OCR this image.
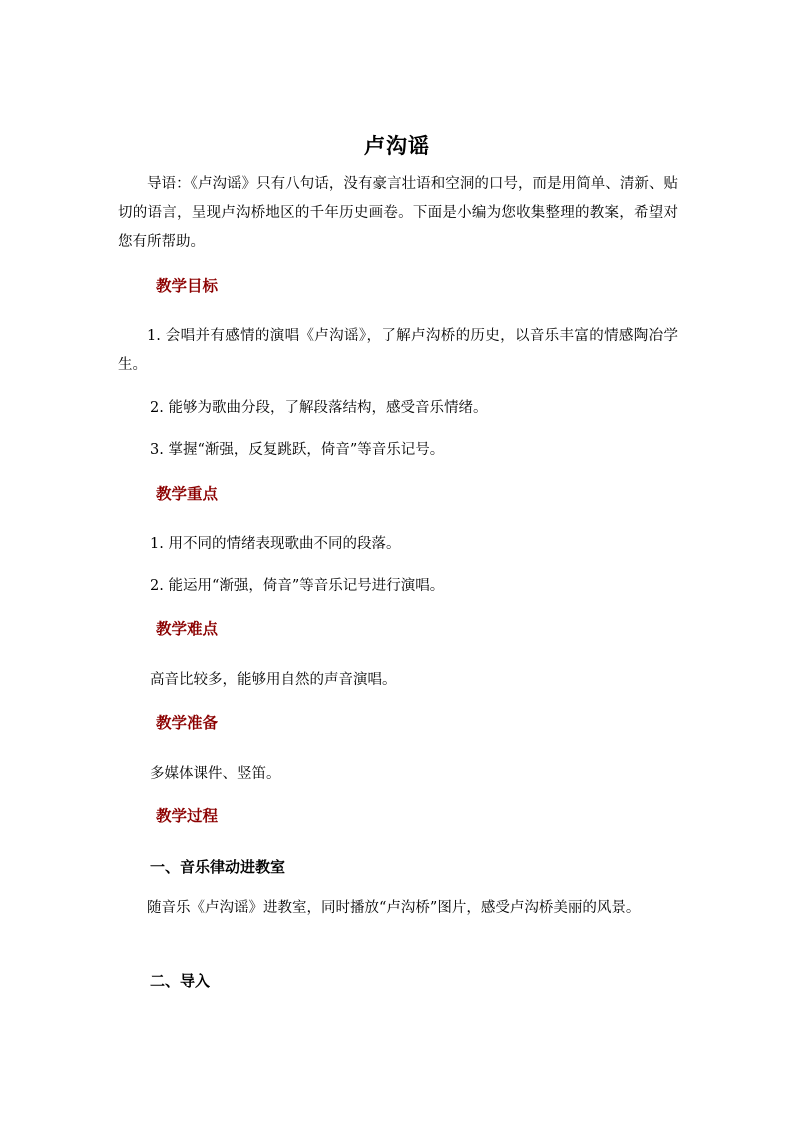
卢沟谣

导语：《卢沟谣》只有八句话，没有豪言壮语和空洞的口号，而是用简单、清新、贴切的语言，呈现卢沟桥地区的千年历史画卷。下面是小编为您收集整理的教案，希望对您有所帮助。

教学目标

1. 会唱并有感情的演唱《卢沟谣》，了解卢沟桥的历史，以音乐丰富的情感陶冶学生。

2. 能够为歌曲分段，了解段落结构，感受音乐情绪。

3. 掌握“渐强，反复跳跃，倚音”等音乐记号。

教学重点

1. 用不同的情绪表现歌曲不同的段落。

2. 能运用“渐强，倚音”等音乐记号进行演唱。

教学难点

高音比较多，能够用自然的声音演唱。

教学准备

多媒体课件、竖笛。

教学过程
一、音乐律动进教室

随音乐《卢沟谣》进教室，同时播放“卢沟桥”图片，感受卢沟桥美丽的风景。

二、导入
